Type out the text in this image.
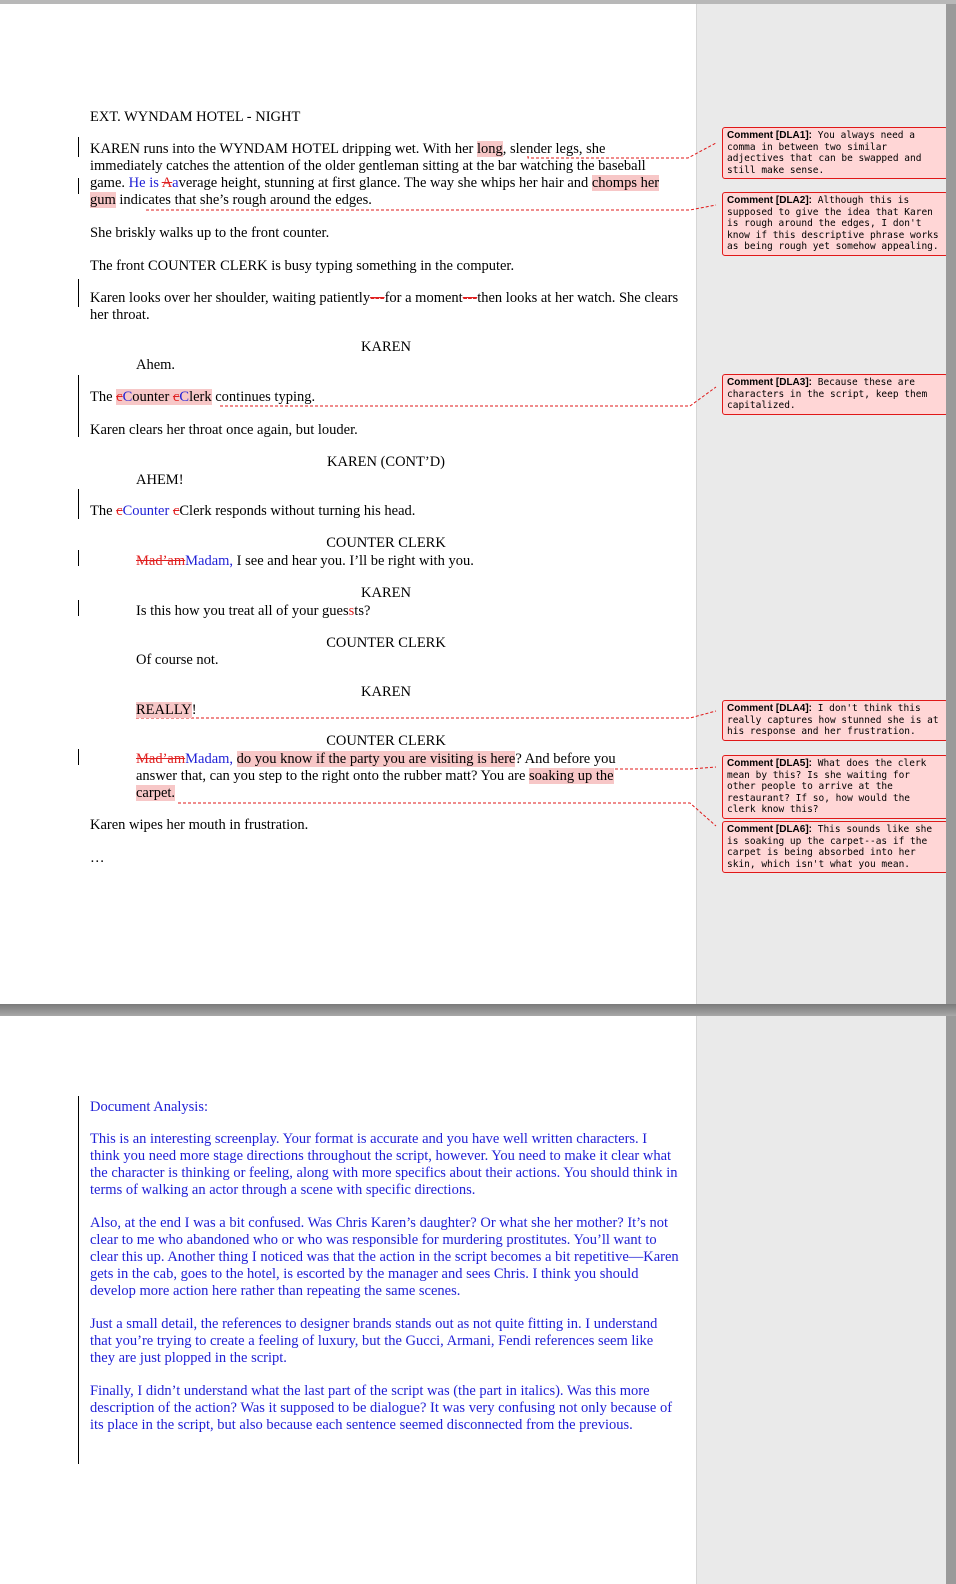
EXT. WYNDAM HOTEL - NIGHT

KAREN runs into the WYNDAM HOTEL dripping wet. With her long, slender legs, she immediately catches the attention of the older gentleman sitting at the bar watching the baseball game. He is Aaverage height, stunning at first glance. The way she whips her hair and chomps her gum indicates that she’s rough around the edges.

She briskly walks up to the front counter.

The front COUNTER CLERK is busy typing something in the computer.

Karen looks over her shoulder, waiting patiently---for a moment---then looks at her watch. She clears her throat.

KAREN

Ahem.

The cCounter cClerk continues typing.

Karen clears her throat once again, but louder.

KAREN (CONT’D)

AHEM!

The cCounter cClerk responds without turning his head.

COUNTER CLERK

Mad’amMadam, I see and hear you. I’ll be right with you.

KAREN

Is this how you treat all of your guessts?

COUNTER CLERK

Of course not.

KAREN

REALLY!

COUNTER CLERK

Mad’amMadam, do you know if the party you are visiting is here? And before you answer that, can you step to the right onto the rubber matt? You are soaking up the carpet.

Karen wipes her mouth in frustration.

…

Comment [DLA1]: You always need a comma in between two similar adjectives that can be swapped and still make sense.
Comment [DLA2]: Although this is supposed to give the idea that Karen is rough around the edges, I don't know if this descriptive phrase works as being rough yet somehow appealing.
Comment [DLA3]: Because these are characters in the script, keep them capitalized.
Comment [DLA4]: I don't think this really captures how stunned she is at his response and her frustration.
Comment [DLA5]: What does the clerk mean by this? Is she waiting for other people to arrive at the restaurant? If so, how would the clerk know this?
Comment [DLA6]: This sounds like she is soaking up the carpet--as if the carpet is being absorbed into her skin, which isn't what you mean.

Document Analysis:

This is an interesting screenplay. Your format is accurate and you have well written characters. I think you need more stage directions throughout the script, however. You need to make it clear what the character is thinking or feeling, along with more specifics about their actions. You should think in terms of walking an actor through a scene with specific directions.

Also, at the end I was a bit confused. Was Chris Karen’s daughter? Or what she her mother? It’s not clear to me who abandoned who or who was responsible for murdering prostitutes. You’ll want to clear this up. Another thing I noticed was that the action in the script becomes a bit repetitive—Karen gets in the cab, goes to the hotel, is escorted by the manager and sees Chris. I think you should develop more action here rather than repeating the same scenes.

Just a small detail, the references to designer brands stands out as not quite fitting in. I understand that you’re trying to create a feeling of luxury, but the Gucci, Armani, Fendi references seem like they are just plopped in the script.

Finally, I didn’t understand what the last part of the script was (the part in italics). Was this more description of the action? Was it supposed to be dialogue? It was very confusing not only because of its place in the script, but also because each sentence seemed disconnected from the previous.
